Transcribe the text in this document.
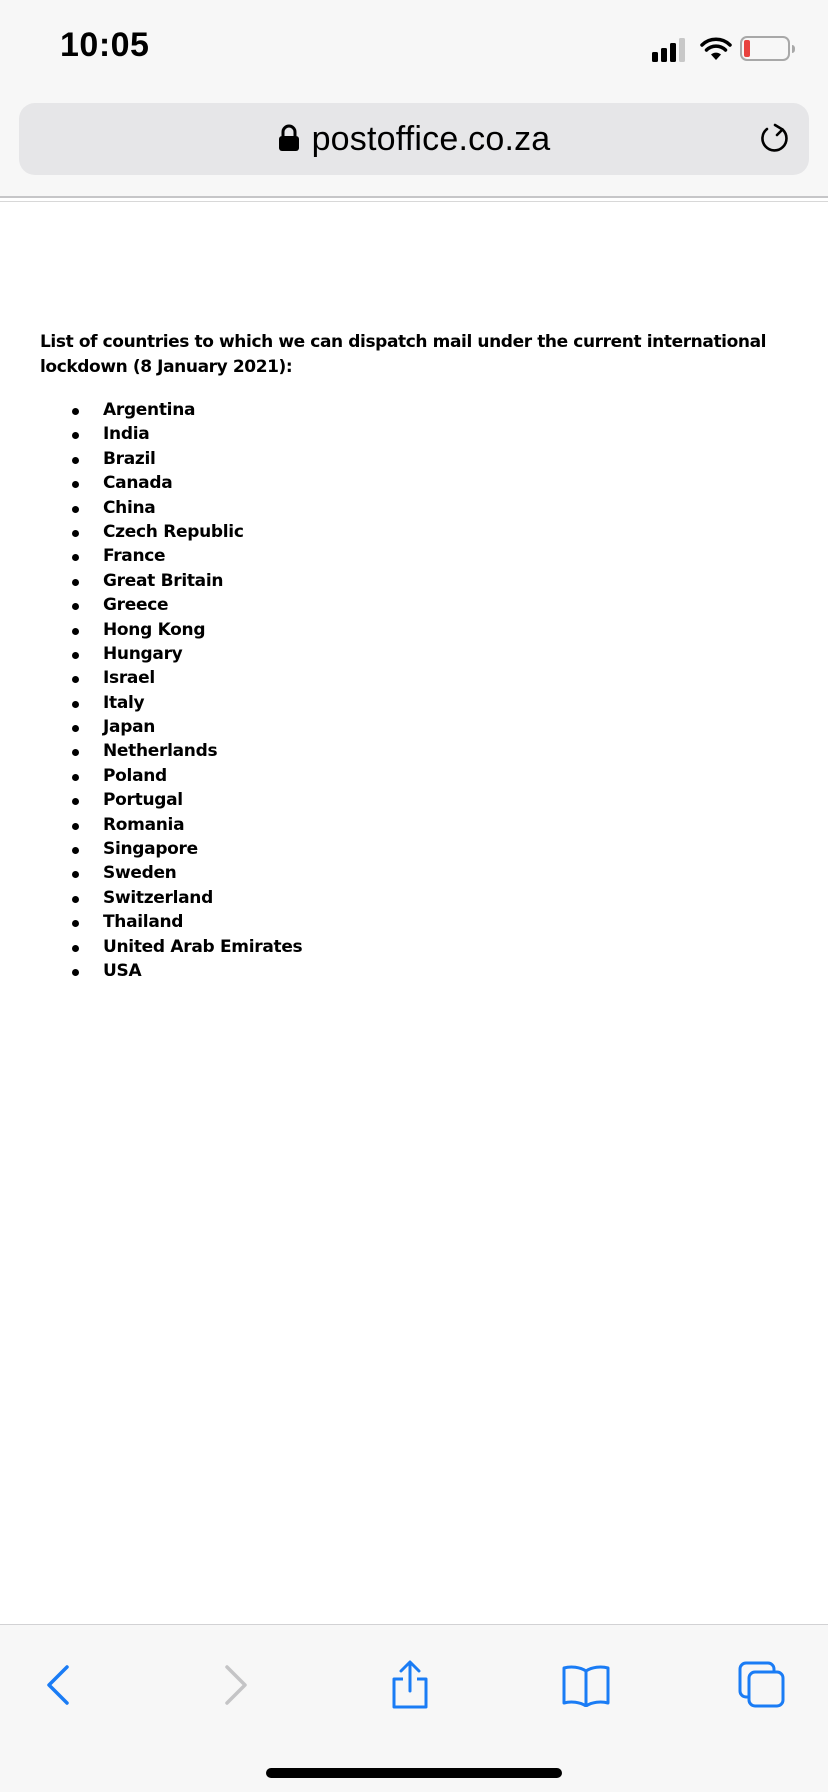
10:05
postoffice.co.za

List of countries to which we can dispatch mail under the current international lockdown (8 January 2021):

Argentina
India
Brazil
Canada
China
Czech Republic
France
Great Britain
Greece
Hong Kong
Hungary
Israel
Italy
Japan
Netherlands
Poland
Portugal
Romania
Singapore
Sweden
Switzerland
Thailand
United Arab Emirates
USA
